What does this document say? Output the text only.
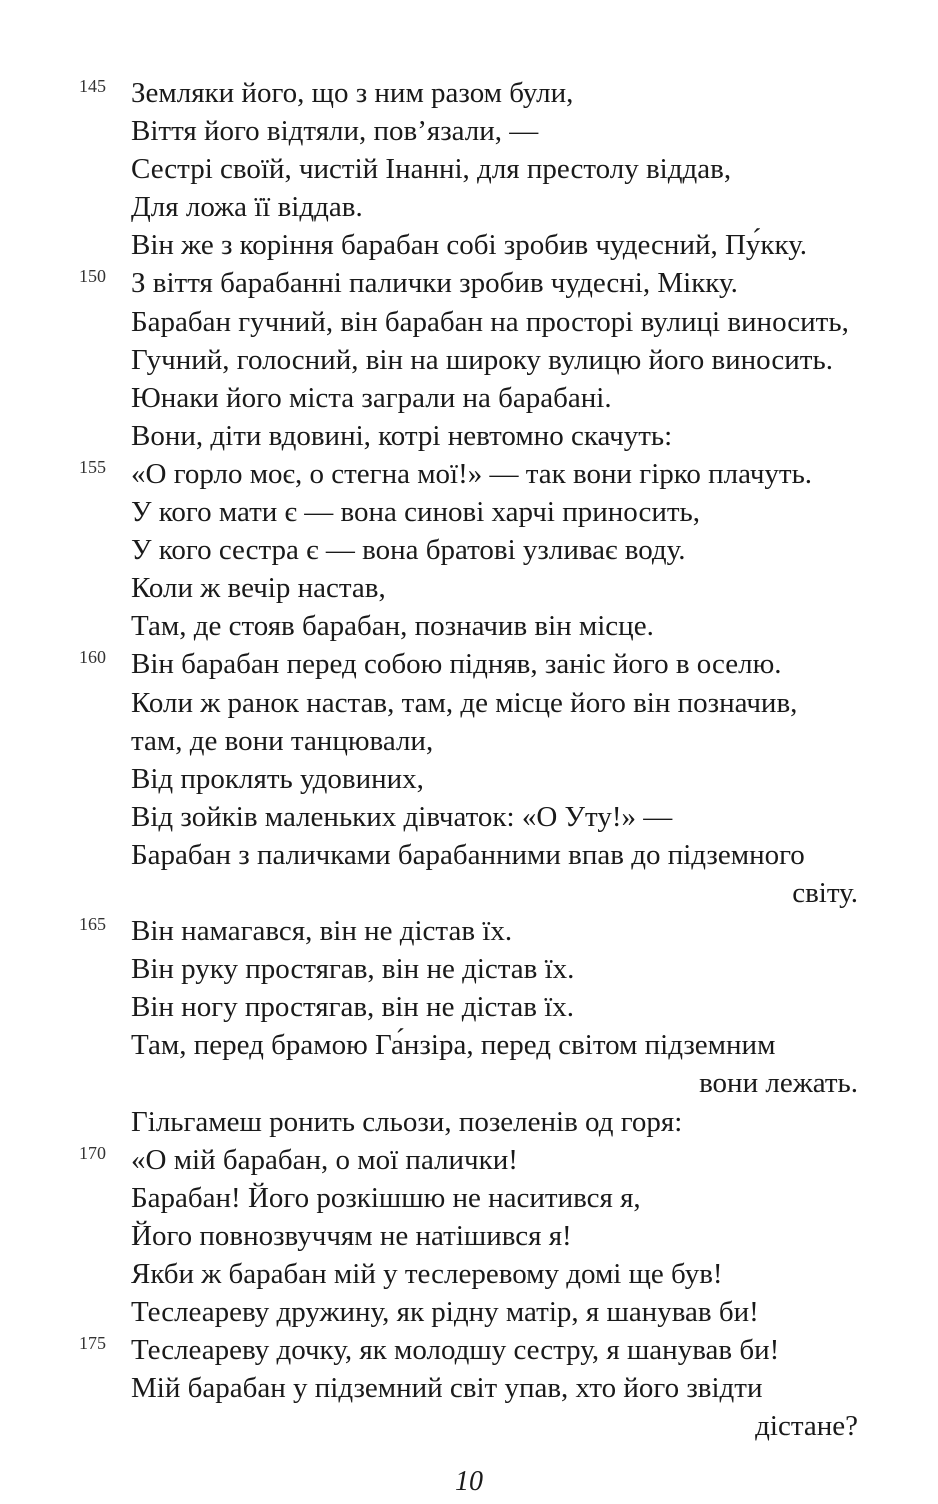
145 Земляки його, що з ним разом були,
Віття його відтяли, пов’язали, —
Сестрі своїй, чистій Інанні, для престолу віддав,
Для ложа її віддав.
Він же з коріння барабан собі зробив чудесний, Пу́кку.
150 З віття барабанні палички зробив чудесні, Мікку.
Барабан гучний, він барабан на просторі вулиці виносить,
Гучний, голосний, він на широку вулицю його виносить.
Юнаки його міста заграли на барабані.
Вони, діти вдовині, котрі невтомно скачуть:
155 «О горло моє, о стегна мої!» — так вони гірко плачуть.
У кого мати є — вона синові харчі приносить,
У кого сестра є — вона братові узливає воду.
Коли ж вечір настав,
Там, де стояв барабан, позначив він місце.
160 Він барабан перед собою підняв, заніс його в оселю.
Коли ж ранок настав, там, де місце його він позначив,
там, де вони танцювали,
Від проклять удовиних,
Від зойків маленьких дівчаток: «О Уту!» —
Барабан з паличками барабанними впав до підземного
світу.
165 Він намагався, він не дістав їх.
Він руку простягав, він не дістав їх.
Він ногу простягав, він не дістав їх.
Там, перед брамою Га́нзіра, перед світом підземним
вони лежать.
Гільгамеш ронить сльози, позеленів од горя:
170 «О мій барабан, о мої палички!
Барабан! Його розкішшю не наситився я,
Його повнозвуччям не натішився я!
Якби ж барабан мій у теслеревому домі ще був!
Теслеареву дружину, як рідну матір, я шанував би!
175 Теслеареву дочку, як молодшу сестру, я шанував би!
Мій барабан у підземний світ упав, хто його звідти
дістане?
10
